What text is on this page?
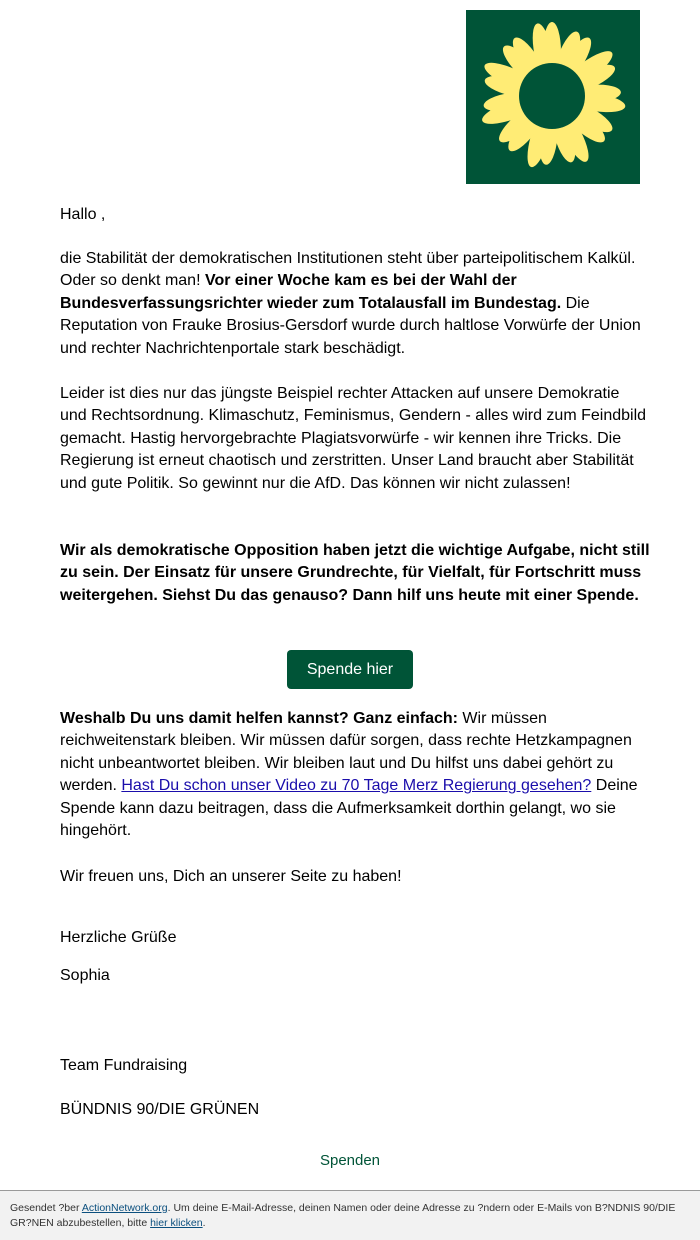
Hallo ,

die Stabilität der demokratischen Institutionen steht über parteipolitischem Kalkül. Oder so denkt man! Vor einer Woche kam es bei der Wahl der Bundesverfassungsrichter wieder zum Totalausfall im Bundestag. Die Reputation von Frauke Brosius-Gersdorf wurde durch haltlose Vorwürfe der Union und rechter Nachrichtenportale stark beschädigt.

Leider ist dies nur das jüngste Beispiel rechter Attacken auf unsere Demokratie und Rechtsordnung. Klimaschutz, Feminismus, Gendern - alles wird zum Feindbild gemacht. Hastig hervorgebrachte Plagiatsvorwürfe - wir kennen ihre Tricks. Die Regierung ist erneut chaotisch und zerstritten. Unser Land braucht aber Stabilität und gute Politik. So gewinnt nur die AfD. Das können wir nicht zulassen!

Wir als demokratische Opposition haben jetzt die wichtige Aufgabe, nicht still zu sein. Der Einsatz für unsere Grundrechte, für Vielfalt, für Fortschritt muss weitergehen. Siehst Du das genauso? Dann hilf uns heute mit einer Spende.

Weshalb Du uns damit helfen kannst? Ganz einfach: Wir müssen reichweitenstark bleiben. Wir müssen dafür sorgen, dass rechte Hetzkampagnen nicht unbeantwortet bleiben. Wir bleiben laut und Du hilfst uns dabei gehört zu werden. Hast Du schon unser Video zu 70 Tage Merz Regierung gesehen? Deine Spende kann dazu beitragen, dass die Aufmerksamkeit dorthin gelangt, wo sie hingehört.

Wir freuen uns, Dich an unserer Seite zu haben!

Herzliche Grüße

Sophia

Team Fundraising

BÜNDNIS 90/DIE GRÜNEN

Spende hier
Spenden
Gesendet ?ber ActionNetwork.org. Um deine E-Mail-Adresse, deinen Namen oder deine Adresse zu ?ndern oder E-Mails von B?NDNIS 90/DIE GR?NEN abzubestellen, bitte hier klicken.
